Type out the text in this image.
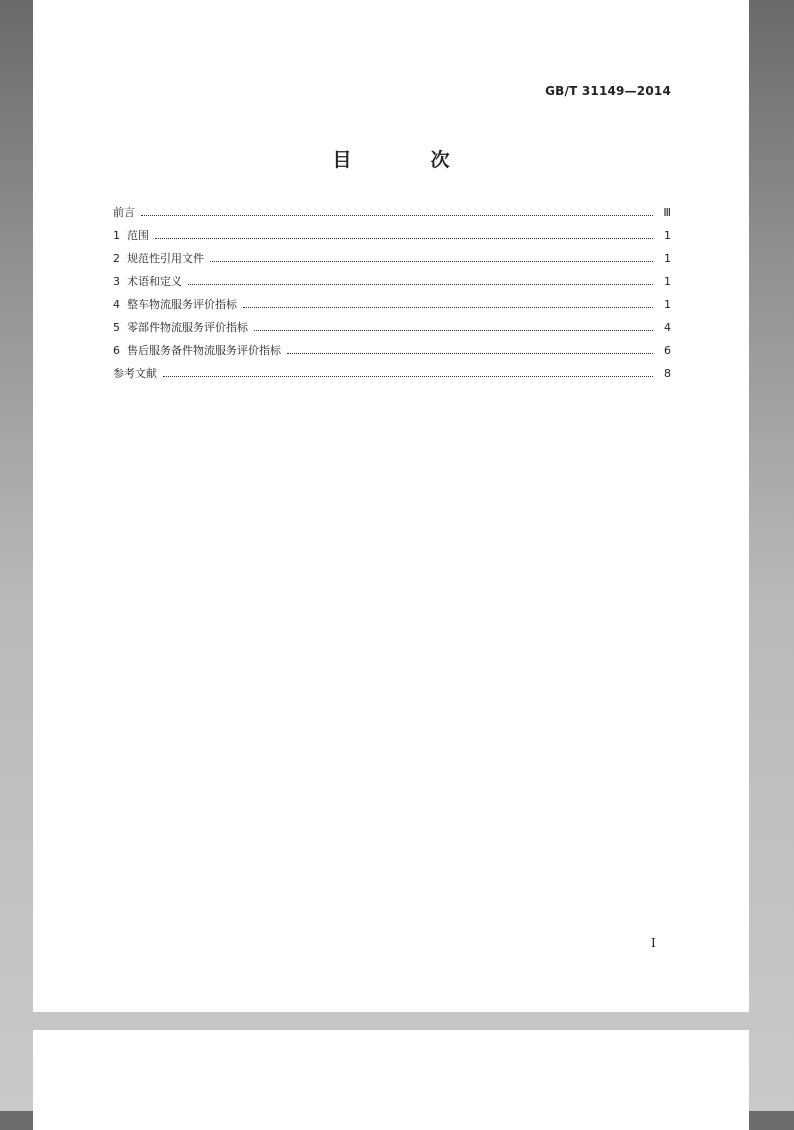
GB/T 31149—2014
目　次
前言	Ⅲ
1 范围	1
2 规范性引用文件	1
3 术语和定义	1
4 整车物流服务评价指标	1
5 零部件物流服务评价指标	4
6 售后服务备件物流服务评价指标	6
参考文献	8
I
